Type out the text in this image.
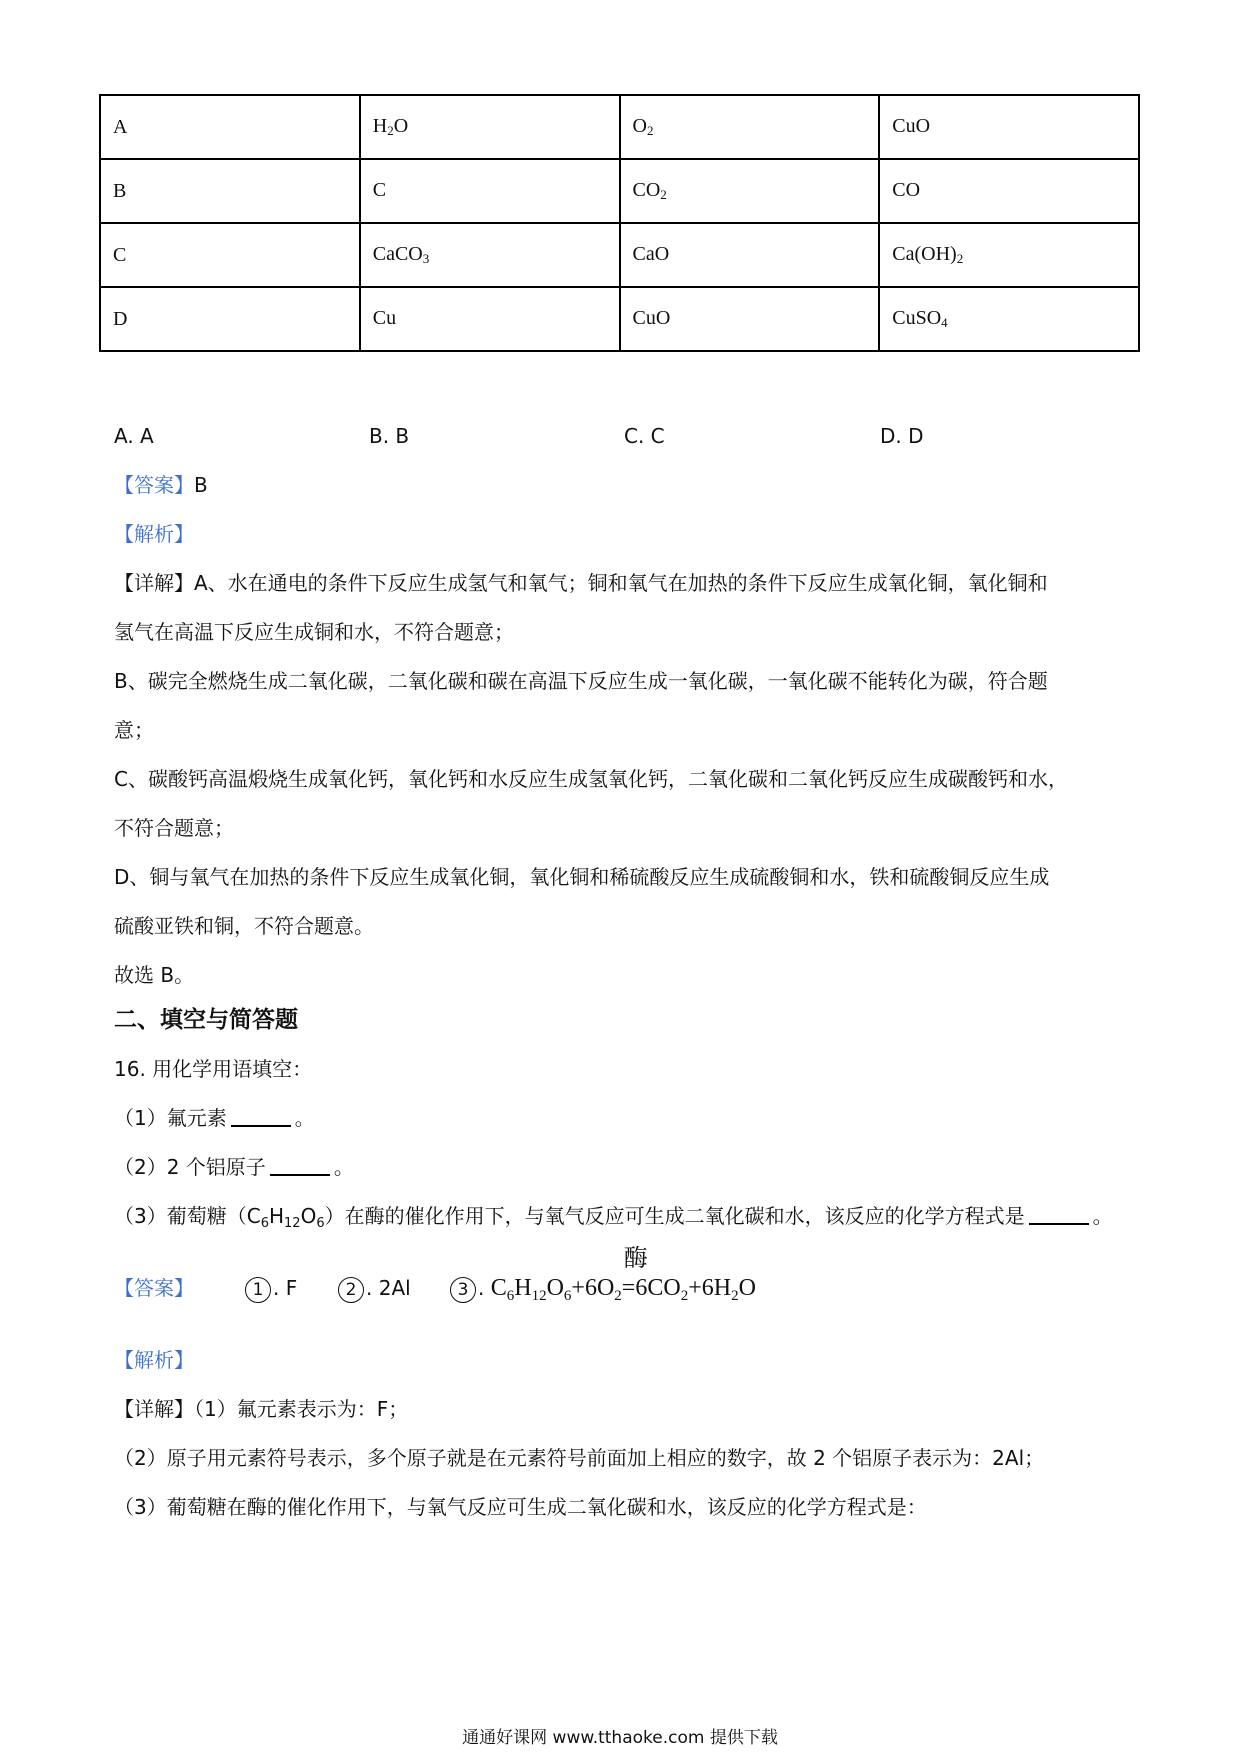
A	$H_2O$	$O_2$	CuO
B	C	$CO_2$	CO
C	CaCO$_3$	CaO	$Ca(OH)_2$
D	Cu	CuO	CuSO$_4$
A. A	B. B	C. C	D. D
【答案】B
【解析】
【详解】A、水在通电的条件下反应生成氢气和氧气；铜和氧气在加热的条件下反应生成氧化铜，氧化铜和
氢气在高温下反应生成铜和水，不符合题意；
B、碳完全燃烧生成二氧化碳，二氧化碳和碳在高温下反应生成一氧化碳，一氧化碳不能转化为碳，符合题
意；
C、碳酸钙高温煅烧生成氧化钙，氧化钙和水反应生成氢氧化钙，二氧化碳和二氧化钙反应生成碳酸钙和水，
不符合题意；
D、铜与氧气在加热的条件下反应生成氧化铜，氧化铜和稀硫酸反应生成硫酸铜和水，铁和硫酸铜反应生成
硫酸亚铁和铜，不符合题意。
故选 B。
二、填空与简答题
16. 用化学用语填空：
（1）氟元素	。
（2）2 个铝原子	。
（3）葡萄糖$(C_6H_{12}O_6)$在酶的催化作用下，与氧气反应可生成二氧化碳和水，该反应的化学方程式是	。
【答案】	1 . F	2 . 2Al	3 . $C_6H_{12}O_6+6O_2$
酶
$=6CO_2+6H_2O$
【解析】
【详解】（1）氟元素表示为：F；
（2）原子用元素符号表示，多个原子就是在元素符号前面加上相应的数字，故 2 个铝原子表示为：2Al；
（3）葡萄糖在酶的催化作用下，与氧气反应可生成二氧化碳和水，该反应的化学方程式是：
通通好课网 www.tthaoke.com 提供下载
